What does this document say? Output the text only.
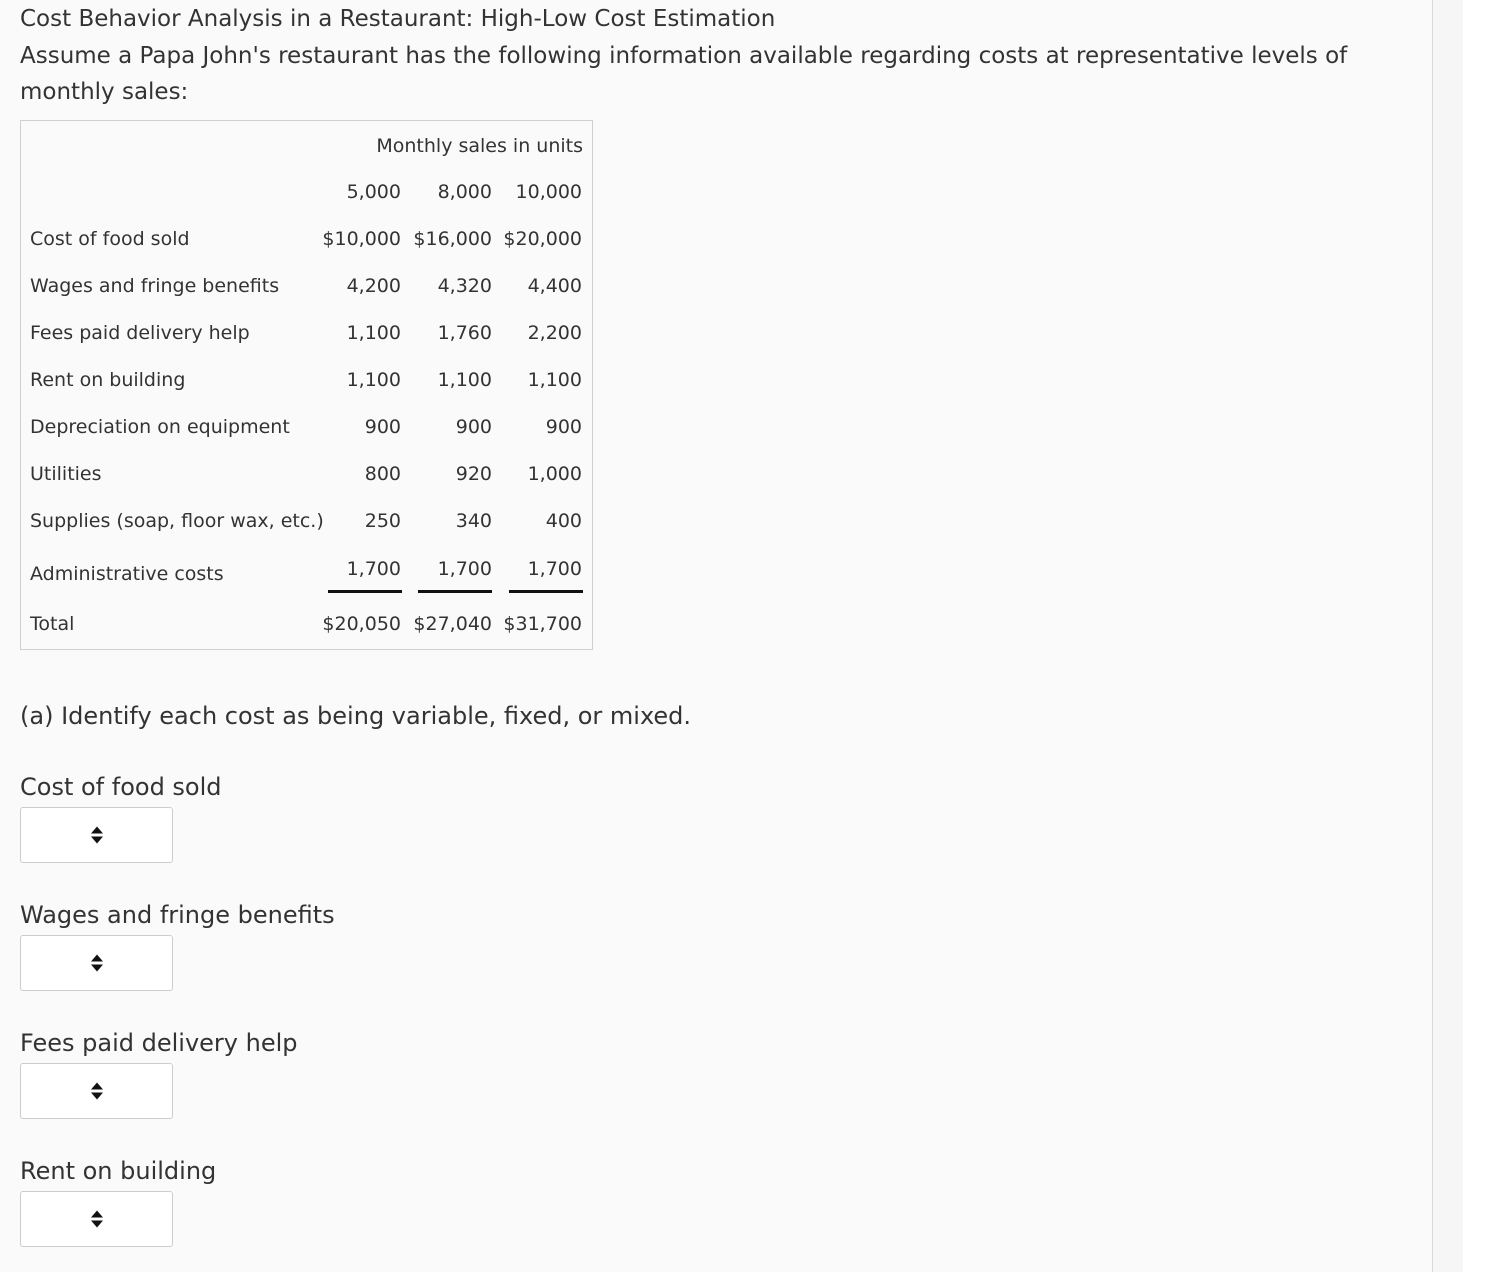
Cost Behavior Analysis in a Restaurant: High-Low Cost Estimation
Assume a Papa John's restaurant has the following information available regarding costs at representative levels of monthly sales:
Monthly sales in units
5,000	8,000	10,000
Cost of food sold	$10,000 $16,000 $20,000
Wages and fringe benefits	4,200	4,320	4,400
Fees paid delivery help	1,100	1,760	2,200
Rent on building	1,100	1,100	1,100
Depreciation on equipment	900	900	900
Utilities	800	920	1,000
Supplies (soap, floor wax, etc.)	250	340	400
Administrative costs	1,700	1,700	1,700
Total	$20,050 $27,040 $31,700
(a) Identify each cost as being variable, fixed, or mixed.
Cost of food sold
Wages and fringe benefits
Fees paid delivery help
Rent on building
